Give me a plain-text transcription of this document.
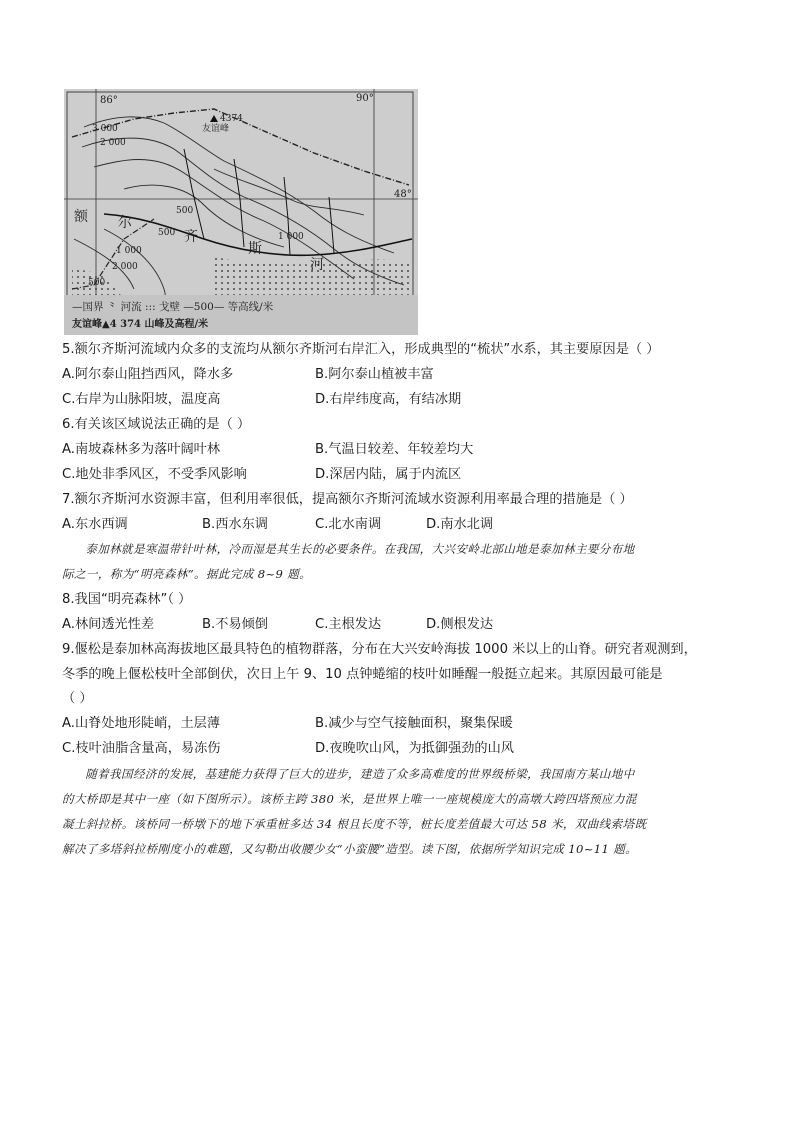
86°	90°
48°
友谊峰
4374
3 000
2 000
500
500
500
1 000
1 000
2 000
额 尔
齐
斯
河
—国界 ⺀ 河流 ::: 戈壁 —500— 等高线/米
友谊峰▲4 374 山峰及高程/米
5.额尔齐斯河流域内众多的支流均从额尔齐斯河右岸汇入，形成典型的“梳状”水系，其主要原因是（ ）
A.阿尔泰山阻挡西风，降水多	B.阿尔泰山植被丰富
C.右岸为山脉阳坡，温度高	D.右岸纬度高，有结冰期
6.有关该区域说法正确的是（ ）
A.南坡森林多为落叶阔叶林	B.气温日较差、年较差均大
C.地处非季风区，不受季风影响	D.深居内陆，属于内流区
7.额尔齐斯河水资源丰富，但利用率很低，提高额尔齐斯河流域水资源利用率最合理的措施是（ ）
A.东水西调	B.西水东调	C.北水南调	D.南水北调

泰加林就是寒温带针叶林，冷而湿是其生长的必要条件。在我国，大兴安岭北部山地是泰加林主要分布地

际之一，称为“明亮森林”。据此完成 8~9 题。

8.我国“明亮森林”（ ）
A.林间透光性差	B.不易倾倒	C.主根发达	D.侧根发达
9.偃松是泰加林高海拔地区最具特色的植物群落，分布在大兴安岭海拔 1000 米以上的山脊。研究者观测到，
冬季的晚上偃松枝叶全部倒伏，次日上午 9、10 点钟蜷缩的枝叶如睡醒一般挺立起来。其原因最可能是
（ ）
A.山脊处地形陡峭，土层薄	B.减少与空气接触面积，聚集保暖
C.枝叶油脂含量高，易冻伤	D.夜晚吹山风，为抵御强劲的山风

随着我国经济的发展，基建能力获得了巨大的进步，建造了众多高难度的世界级桥梁，我国南方某山地中

的大桥即是其中一座（如下图所示）。该桥主跨 380 米，是世界上唯一一座规模庞大的高墩大跨四塔预应力混

凝土斜拉桥。该桥同一桥墩下的地下承重桩多达 34 根且长度不等，桩长度差值最大可达 58 米，双曲线索塔既

解决了多塔斜拉桥刚度小的难题，又勾勒出收腰少女“小蛮腰”造型。读下图，依据所学知识完成 10~11 题。
